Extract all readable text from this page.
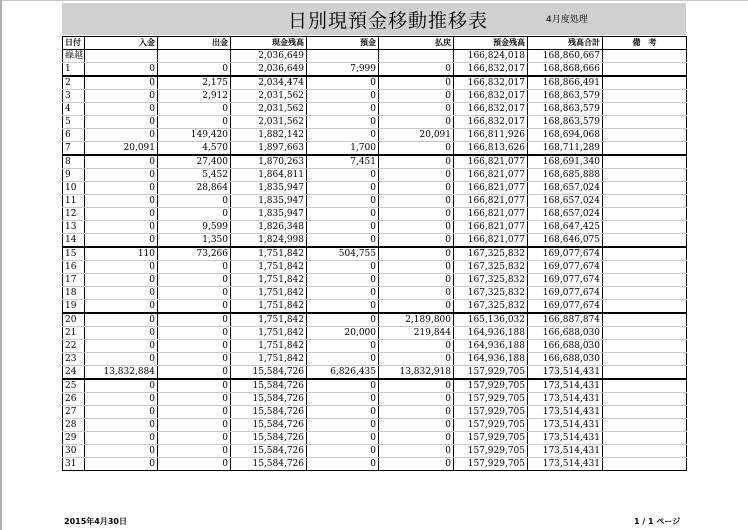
日別現預金移動推移表	4月度処理
日付	入金	出金	現金残高	預金	払戻	預金残高	残高合計	備　考
繰越			2,036,649			166,824,018	168,860,667	
1	0	0	2,036,649	7,999	0	166,832,017	168,868,666	
2	0	2,175	2,034,474	0	0	166,832,017	168,866,491	
3	0	2,912	2,031,562	0	0	166,832,017	168,863,579	
4	0	0	2,031,562	0	0	166,832,017	168,863,579	
5	0	0	2,031,562	0	0	166,832,017	168,863,579	
6	0	149,420	1,882,142	0	20,091	166,811,926	168,694,068	
7	20,091	4,570	1,897,663	1,700	0	166,813,626	168,711,289	
8	0	27,400	1,870,263	7,451	0	166,821,077	168,691,340	
9	0	5,452	1,864,811	0	0	166,821,077	168,685,888	
10	0	28,864	1,835,947	0	0	166,821,077	168,657,024	
11	0	0	1,835,947	0	0	166,821,077	168,657,024	
12	0	0	1,835,947	0	0	166,821,077	168,657,024	
13	0	9,599	1,826,348	0	0	166,821,077	168,647,425	
14	0	1,350	1,824,998	0	0	166,821,077	168,646,075	
15	110	73,266	1,751,842	504,755	0	167,325,832	169,077,674	
16	0	0	1,751,842	0	0	167,325,832	169,077,674	
17	0	0	1,751,842	0	0	167,325,832	169,077,674	
18	0	0	1,751,842	0	0	167,325,832	169,077,674	
19	0	0	1,751,842	0	0	167,325,832	169,077,674	
20	0	0	1,751,842	0	2,189,800	165,136,032	166,887,874	
21	0	0	1,751,842	20,000	219,844	164,936,188	166,688,030	
22	0	0	1,751,842	0	0	164,936,188	166,688,030	
23	0	0	1,751,842	0	0	164,936,188	166,688,030	
24	13,832,884	0	15,584,726	6,826,435	13,832,918	157,929,705	173,514,431	
25	0	0	15,584,726	0	0	157,929,705	173,514,431	
26	0	0	15,584,726	0	0	157,929,705	173,514,431	
27	0	0	15,584,726	0	0	157,929,705	173,514,431	
28	0	0	15,584,726	0	0	157,929,705	173,514,431	
29	0	0	15,584,726	0	0	157,929,705	173,514,431	
30	0	0	15,584,726	0	0	157,929,705	173,514,431	
31	0	0	15,584,726	0	0	157,929,705	173,514,431	
2015年4月30日	1 / 1 ページ
